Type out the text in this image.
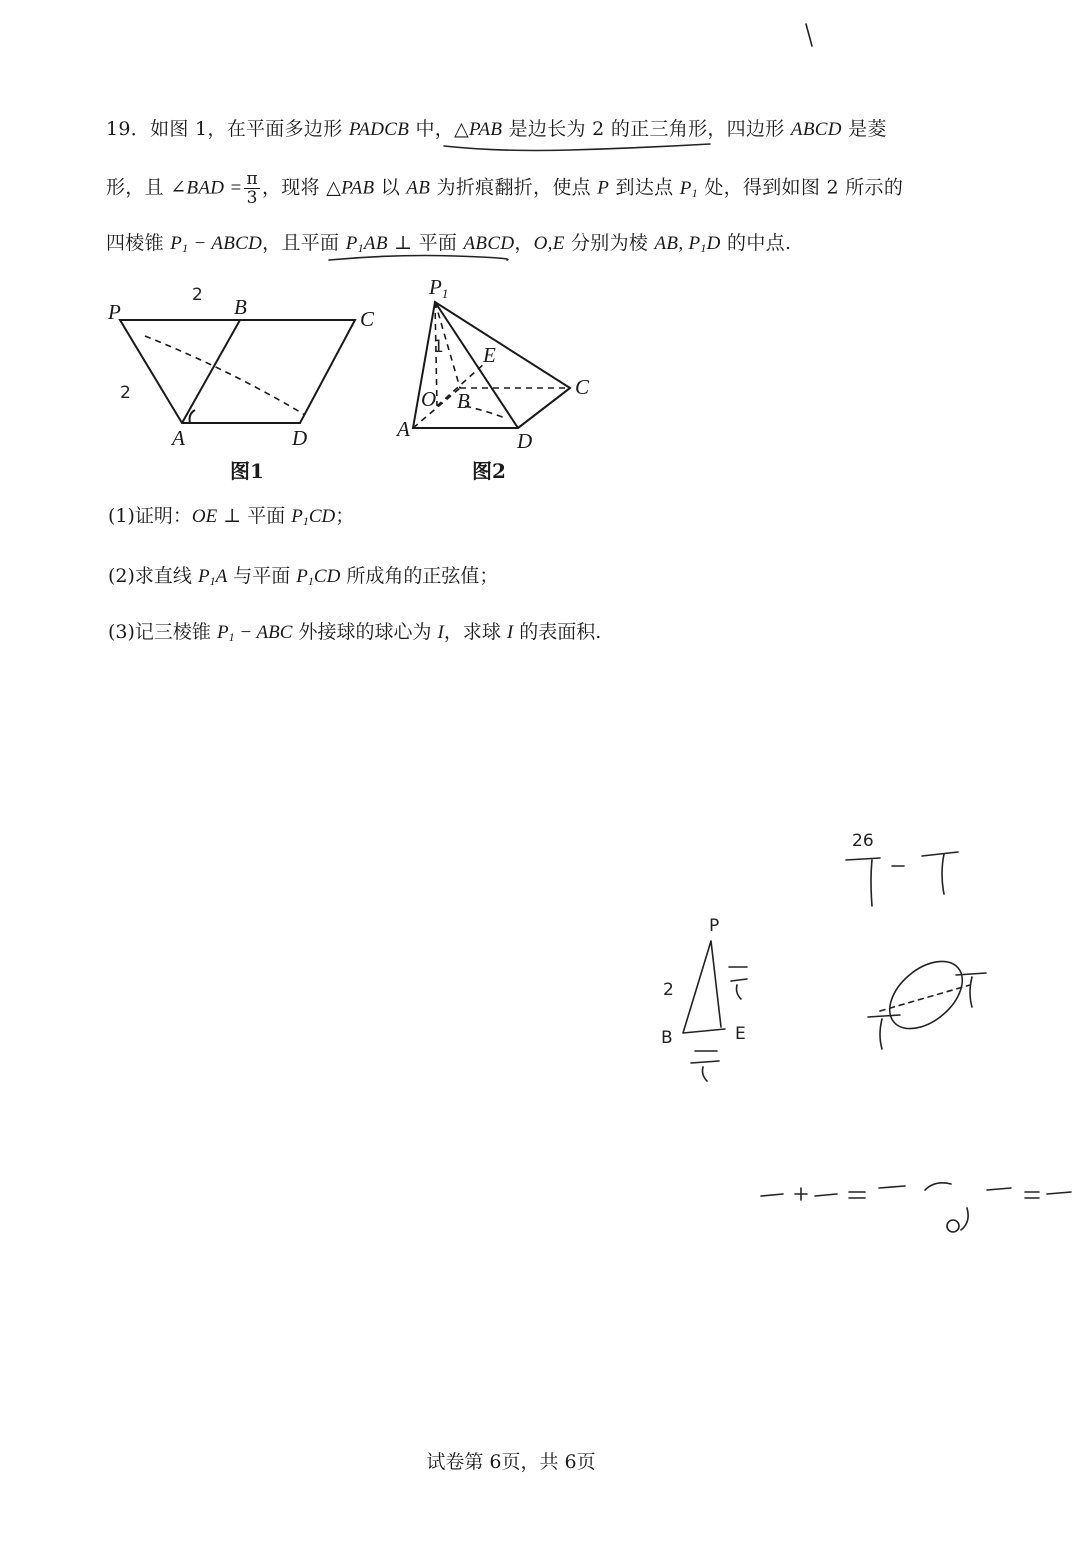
19．如图 1，在平面多边形 PADCB 中，△PAB 是边长为 2 的正三角形，四边形 ABCD 是菱
形，且 ∠BAD = $\frac{\pi}{3}$ ，现将 △PAB 以 AB 为折痕翻折，使点 P 到达点 $P_1$ 处，得到如图 2 所示的
四棱锥 $P_1$ − ABCD，且平面 $P_1AB$ ⊥ 平面 ABCD，O,E 分别为棱 AB, $P_1D$ 的中点.
P	B	C
A	D
2
2
图1
P1
E
O B
C
A	D
1
图2
(1)证明：OE ⊥ 平面 $P_1CD$；
(2)求直线 $P_1A$ 与平面 $P_1CD$ 所成角的正弦值；
(3)记三棱锥 $P_1$ − ABC 外接球的球心为 I，求球 I 的表面积.
26
P
2
B	E
试卷第 6页，共 6页
